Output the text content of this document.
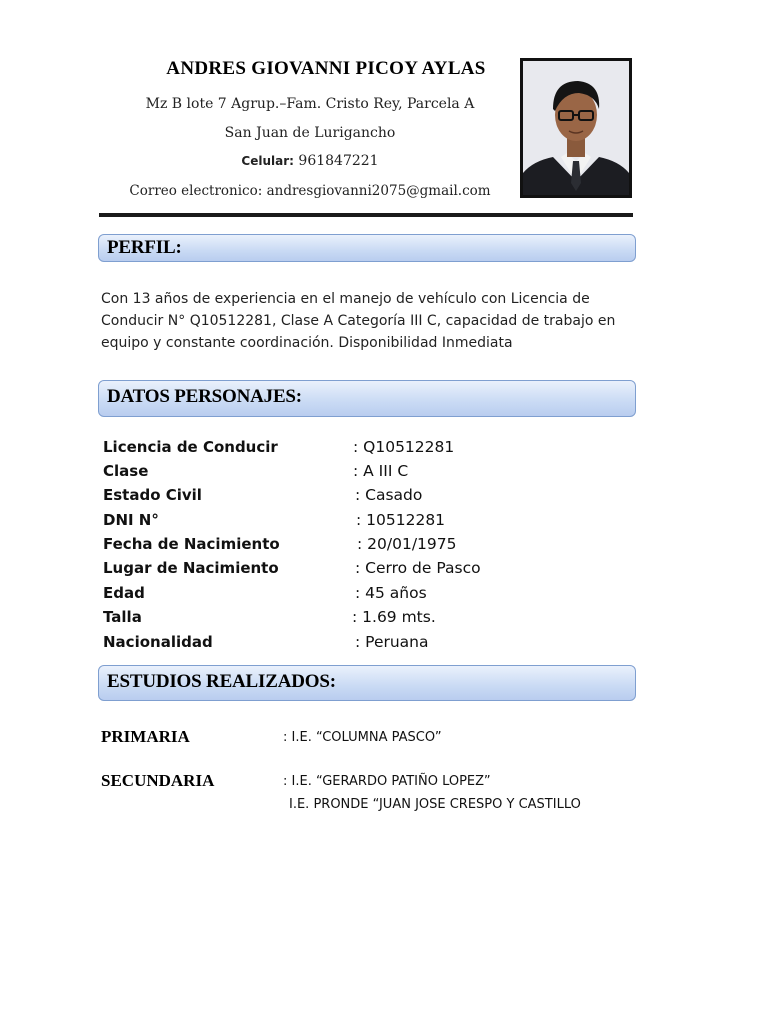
ANDRES GIOVANNI PICOY AYLAS
Mz B lote 7 Agrup.–Fam. Cristo Rey, Parcela A
San Juan de Lurigancho
Celular: 961847221
Correo electronico: andresgiovanni2075@gmail.com
PERFIL:
Con 13 años de experiencia en el manejo de vehículo con Licencia de Conducir N° Q10512281, Clase A Categoría III C, capacidad de trabajo en equipo y constante coordinación. Disponibilidad Inmediata
DATOS PERSONAJES:
Licencia de Conducir	: Q10512281
Clase	: A III C
Estado Civil	: Casado
DNI N°	: 10512281
Fecha de Nacimiento	: 20/01/1975
Lugar de Nacimiento	: Cerro de Pasco
Edad	: 45 años
Talla	: 1.69 mts.
Nacionalidad	: Peruana
ESTUDIOS REALIZADOS:
PRIMARIA	: I.E. “COLUMNA PASCO”
SECUNDARIA	: I.E. “GERARDO PATIÑO LOPEZ”
I.E. PRONDE “JUAN JOSE CRESPO Y CASTILLO
